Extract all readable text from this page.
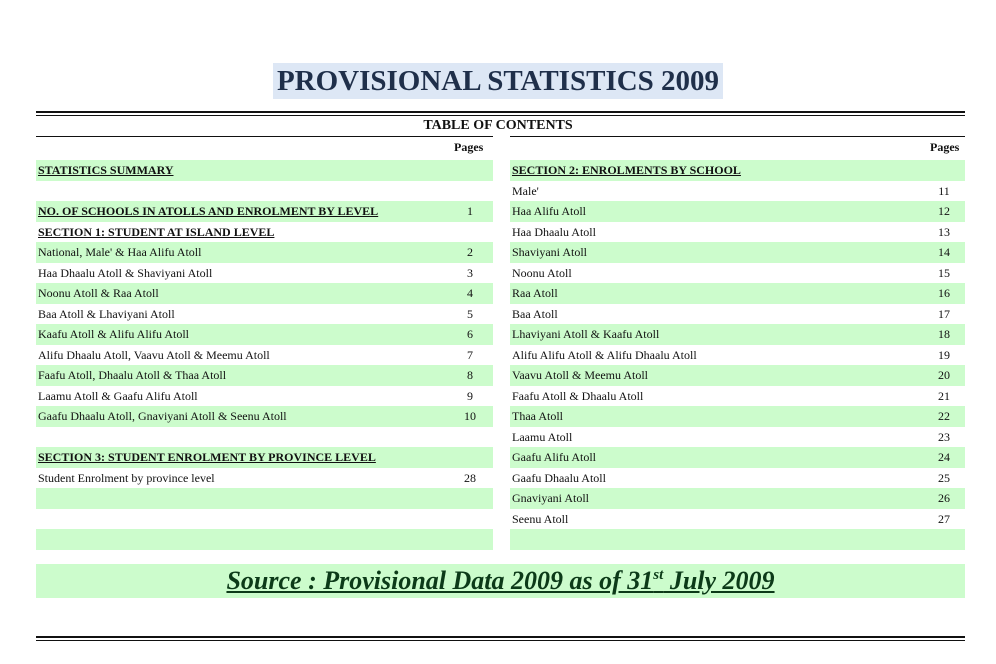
PROVISIONAL STATISTICS 2009
TABLE OF CONTENTS
Pages	Pages
STATISTICS SUMMARY
NO. OF SCHOOLS IN ATOLLS AND ENROLMENT BY LEVEL	1
SECTION 1: STUDENT AT ISLAND LEVEL
National, Male' & Haa Alifu Atoll	2
Haa Dhaalu Atoll & Shaviyani Atoll	3
Noonu Atoll & Raa Atoll	4
Baa Atoll & Lhaviyani Atoll	5
Kaafu Atoll & Alifu Alifu Atoll	6
Alifu Dhaalu Atoll, Vaavu Atoll & Meemu Atoll	7
Faafu Atoll, Dhaalu Atoll & Thaa Atoll	8
Laamu Atoll & Gaafu Alifu Atoll	9
Gaafu Dhaalu Atoll, Gnaviyani Atoll & Seenu Atoll	10
SECTION 3: STUDENT ENROLMENT BY PROVINCE LEVEL
Student Enrolment by province level	28
SECTION 2: ENROLMENTS BY SCHOOL
Male'	11
Haa Alifu Atoll	12
Haa Dhaalu Atoll	13
Shaviyani Atoll	14
Noonu Atoll	15
Raa Atoll	16
Baa Atoll	17
Lhaviyani Atoll & Kaafu Atoll	18
Alifu Alifu Atoll & Alifu Dhaalu Atoll	19
Vaavu Atoll & Meemu Atoll	20
Faafu Atoll & Dhaalu Atoll	21
Thaa Atoll	22
Laamu Atoll	23
Gaafu Alifu Atoll	24
Gaafu Dhaalu Atoll	25
Gnaviyani Atoll	26
Seenu Atoll	27
Source : Provisional Data 2009 as of 31st July 2009
